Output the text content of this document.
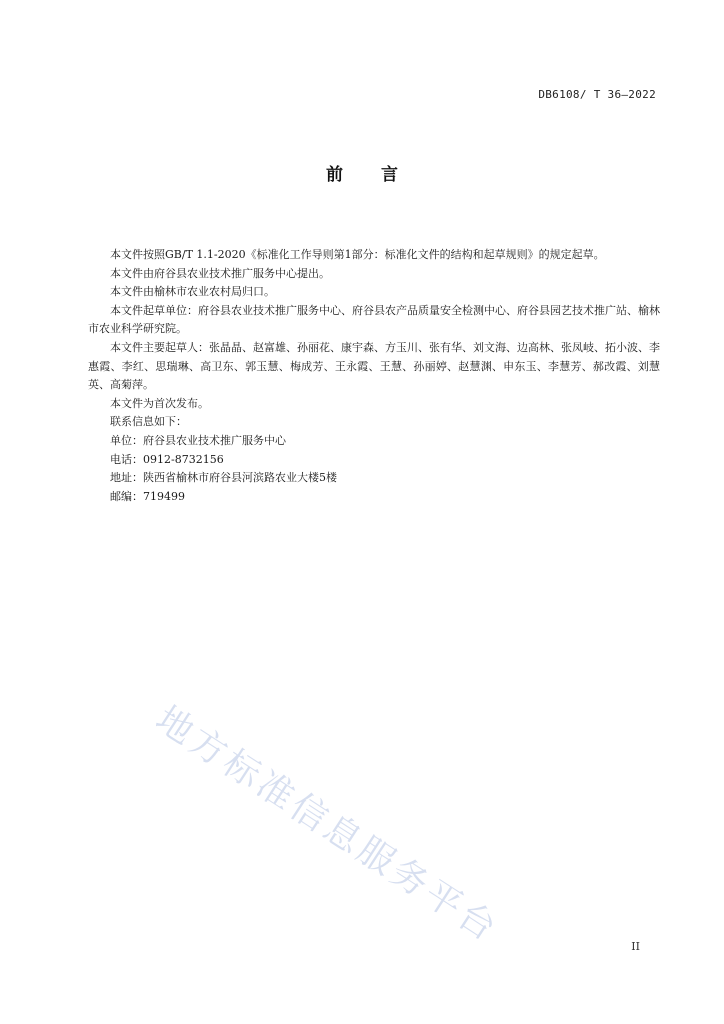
DB6108/ T 36—2022
前 言

本文件按照GB/T 1.1-2020《标准化工作导则第1部分：标准化文件的结构和起草规则》的规定起草。

本文件由府谷县农业技术推广服务中心提出。

本文件由榆林市农业农村局归口。

本文件起草单位：府谷县农业技术推广服务中心、府谷县农产品质量安全检测中心、府谷县园艺技术推广站、榆林市农业科学研究院。

本文件主要起草人：张晶晶、赵富雄、孙丽花、康宇森、方玉川、张有华、刘文海、边高林、张凤岐、拓小波、李惠霞、李红、思瑞琳、高卫东、郭玉慧、梅成芳、王永霞、王慧、孙丽婷、赵慧渊、申东玉、李慧芳、郝改霞、刘慧英、高菊萍。

本文件为首次发布。

联系信息如下：

单位：府谷县农业技术推广服务中心

电话：0912-8732156

地址：陕西省榆林市府谷县河滨路农业大楼5楼

邮编：719499

地方标准信息服务平台	II
